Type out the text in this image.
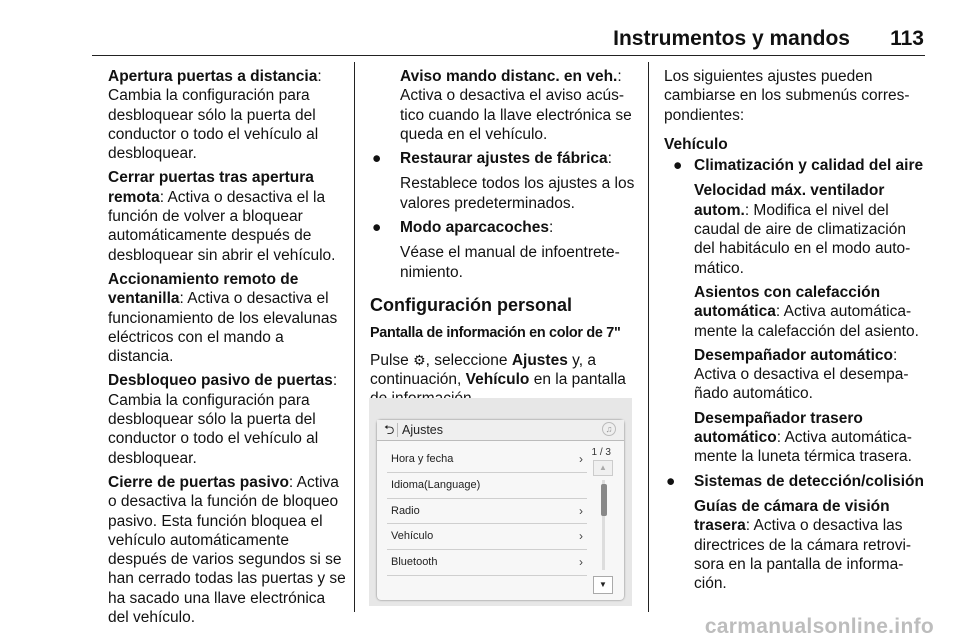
Instrumentos y mandos 113

Apertura puertas a distancia: Cambia la configuración para desbloquear sólo la puerta del conductor o todo el vehículo al desbloquear.

Cerrar puertas tras apertura remota: Activa o desactiva el la función de volver a bloquear automáticamente después de desbloquear sin abrir el vehículo.

Accionamiento remoto de ventanilla: Activa o desactiva el funcionamiento de los elevalunas eléctricos con el mando a distancia.

Desbloqueo pasivo de puertas: Cambia la configuración para desbloquear sólo la puerta del conductor o todo el vehículo al desbloquear.

Cierre de puertas pasivo: Activa o desactiva la función de bloqueo pasivo. Esta función bloquea el vehículo automáticamente después de varios segundos si se han cerrado todas las puertas y se ha sacado una llave electrónica del vehículo.

Aviso mando distanc. en veh.: Activa o desactiva el aviso acústico cuando la llave electrónica se queda en el vehículo.

● Restaurar ajustes de fábrica:

Restablece todos los ajustes a los valores predeterminados.

● Modo aparcacoches:

Véase el manual de infoentretenimiento.

Configuración personal
Pantalla de información en color de 7"

Pulse ⚙, seleccione Ajustes y, a continuación, Vehículo en la pantalla

⮌ Ajustes	♫
Hora y fecha	›
Idioma(Language)
Radio	›
Vehículo	›
Bluetooth	›
1 / 3
▲
▼

Los siguientes ajustes pueden cambiarse en los submenús correspondientes:

Vehículo
● Climatización y calidad del aire

Velocidad máx. ventilador autom.: Modifica el nivel del caudal de aire de climatización del habitáculo en el modo automático.

Asientos con calefacción automática: Activa automáticamente la calefacción del asiento.

Desempañador automático: Activa o desactiva el desempañado automático.

Desempañador trasero automático: Activa automáticamente la luneta térmica trasera.

● Sistemas de detección/colisión

Guías de cámara de visión trasera: Activa o desactiva las directrices de la cámara retrovisora en la pantalla de información.

carmanualsonline.info
